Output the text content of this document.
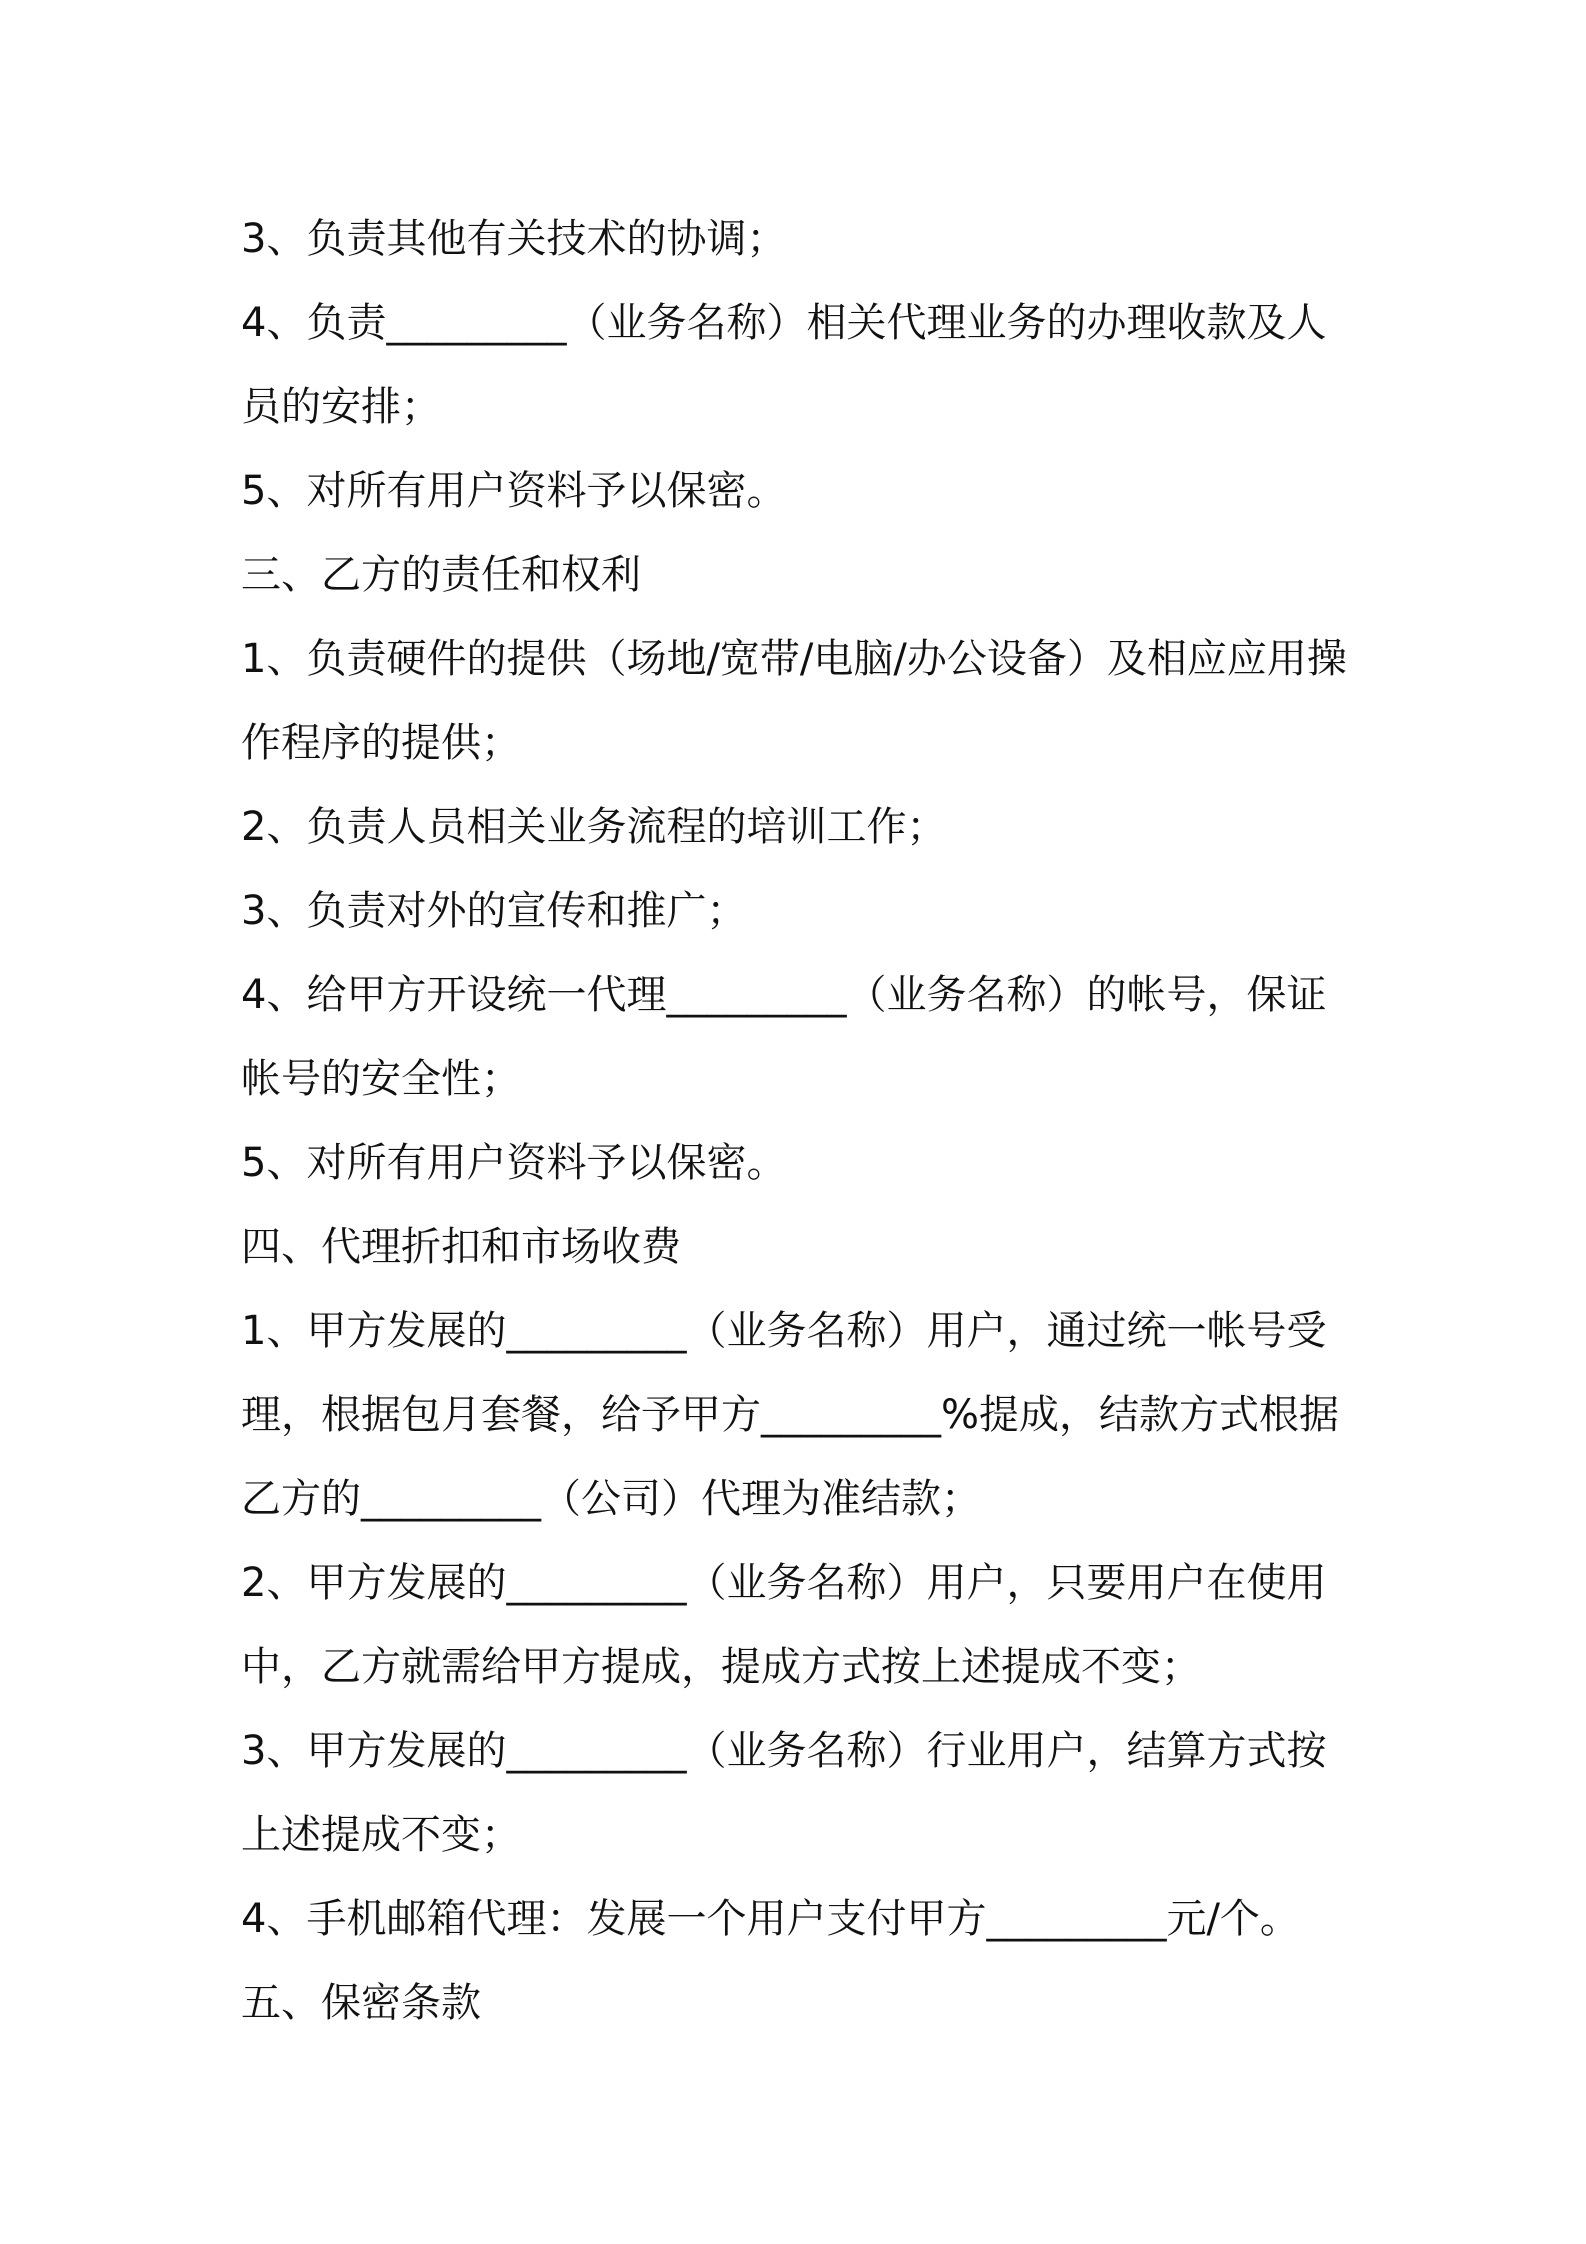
3、负责其他有关技术的协调；
4、负责_________（业务名称）相关代理业务的办理收款及人
员的安排；
5、对所有用户资料予以保密。
三、乙方的责任和权利
1、负责硬件的提供（场地/宽带/电脑/办公设备）及相应应用操
作程序的提供；
2、负责人员相关业务流程的培训工作；
3、负责对外的宣传和推广；
4、给甲方开设统一代理_________（业务名称）的帐号，保证
帐号的安全性；
5、对所有用户资料予以保密。
四、代理折扣和市场收费
1、甲方发展的_________（业务名称）用户，通过统一帐号受
理，根据包月套餐，给予甲方_________%提成，结款方式根据
乙方的_________（公司）代理为准结款；
2、甲方发展的_________（业务名称）用户，只要用户在使用
中，乙方就需给甲方提成，提成方式按上述提成不变；
3、甲方发展的_________（业务名称）行业用户，结算方式按
上述提成不变；
4、手机邮箱代理：发展一个用户支付甲方_________元/个。
五、保密条款
